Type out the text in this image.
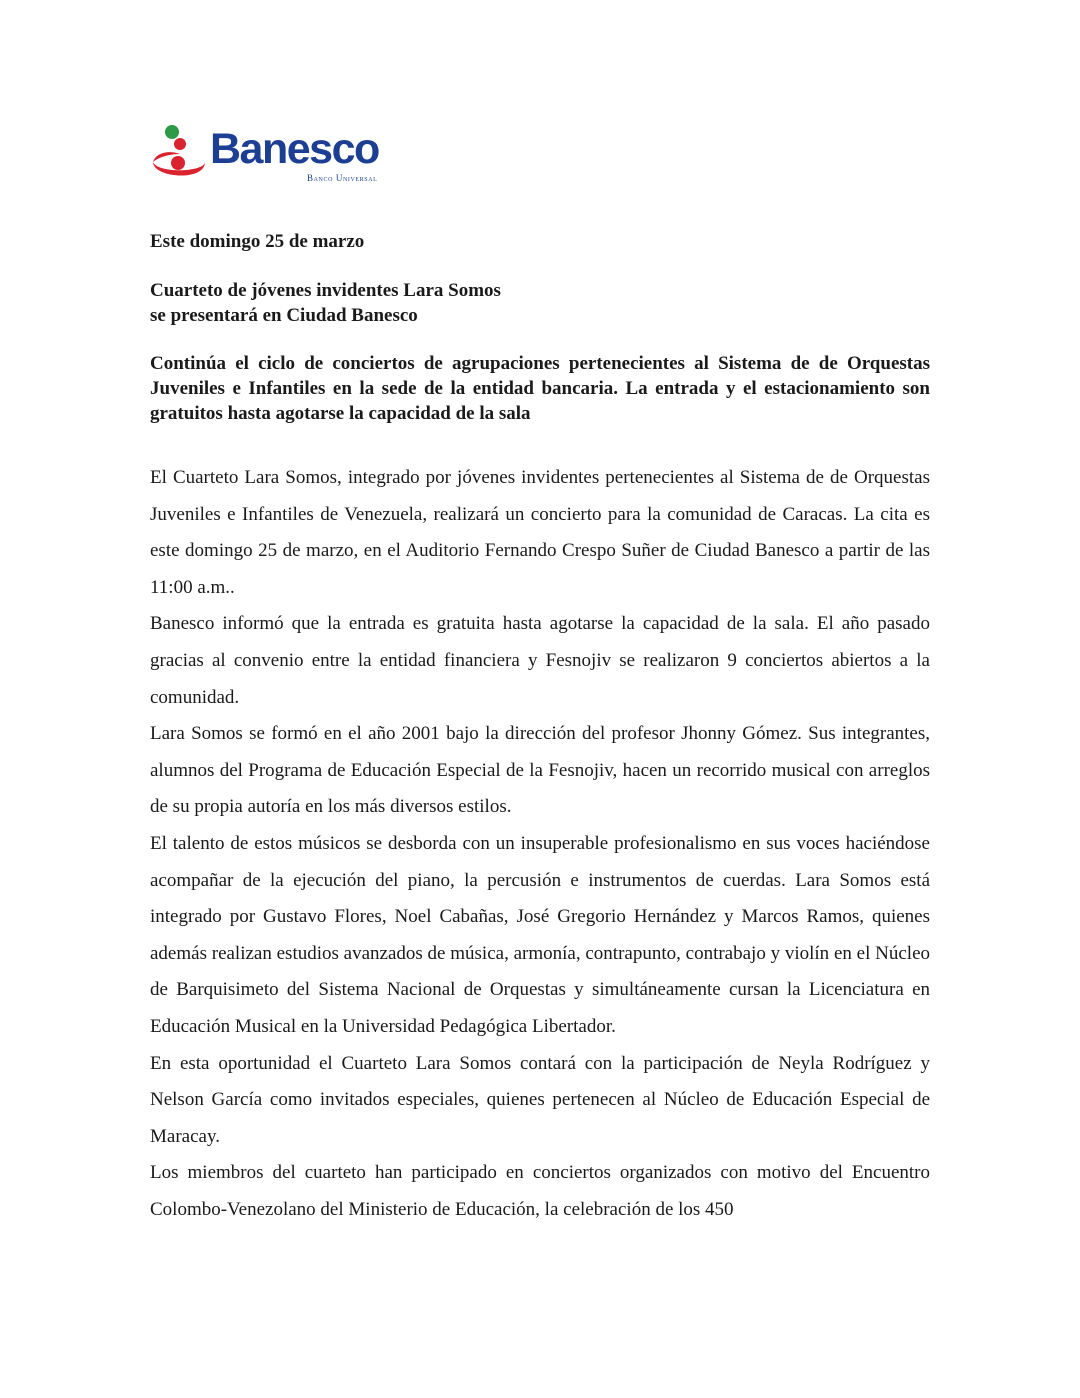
Banesco
Banco Universal

Este domingo 25 de marzo

Cuarteto de jóvenes invidentes Lara Somos
se presentará en Ciudad Banesco

Continúa el ciclo de conciertos de agrupaciones pertenecientes al Sistema de de Orquestas Juveniles e Infantiles en la sede de la entidad bancaria. La entrada y el estacionamiento son gratuitos hasta agotarse la capacidad de la sala

El Cuarteto Lara Somos, integrado por jóvenes invidentes pertenecientes al Sistema de de Orquestas Juveniles e Infantiles de Venezuela, realizará un concierto para la comunidad de Caracas. La cita es este domingo 25 de marzo, en el Auditorio Fernando Crespo Suñer de Ciudad Banesco a partir de las 11:00 a.m..

Banesco informó que la entrada es gratuita hasta agotarse la capacidad de la sala. El año pasado gracias al convenio entre la entidad financiera y Fesnojiv se realizaron 9 conciertos abiertos a la comunidad.

Lara Somos se formó en el año 2001 bajo la dirección del profesor Jhonny Gómez. Sus integrantes, alumnos del Programa de Educación Especial de la Fesnojiv, hacen un recorrido musical con arreglos de su propia autoría en los más diversos estilos.

El talento de estos músicos se desborda con un insuperable profesionalismo en sus voces haciéndose acompañar de la ejecución del piano, la percusión e instrumentos de cuerdas. Lara Somos está integrado por Gustavo Flores, Noel Cabañas, José Gregorio Hernández y Marcos Ramos, quienes además realizan estudios avanzados de música, armonía, contrapunto, contrabajo y violín en el Núcleo de Barquisimeto del Sistema Nacional de Orquestas y simultáneamente cursan la Licenciatura en Educación Musical en la Universidad Pedagógica Libertador.

En esta oportunidad el Cuarteto Lara Somos contará con la participación de Neyla Rodríguez y Nelson García como invitados especiales, quienes pertenecen al Núcleo de Educación Especial de Maracay.

Los miembros del cuarteto han participado en conciertos organizados con motivo del Encuentro Colombo-Venezolano del Ministerio de Educación, la celebración de los 450
